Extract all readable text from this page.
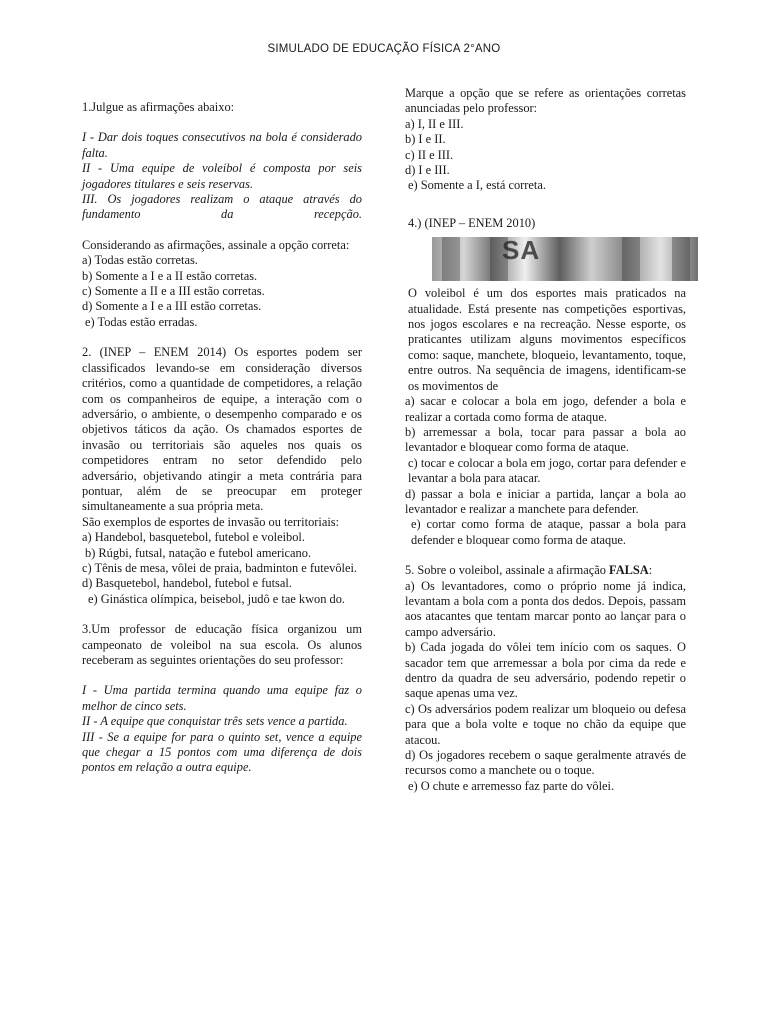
SIMULADO DE EDUCAÇÃO FÍSICA 2°ANO

1.Julgue as afirmações abaixo:

I - Dar dois toques consecutivos na bola é considerado falta.

II - Uma equipe de voleibol é composta por seis jogadores titulares e seis reservas.

III. Os jogadores realizam o ataque através do fundamento da recepção.

Considerando as afirmações, assinale a opção correta:

a) Todas estão corretas.

b) Somente a I e a II estão corretas.

c) Somente a II e a III estão corretas.

d) Somente a I e a III estão corretas.

e) Todas estão erradas.

2. (INEP – ENEM 2014) Os esportes podem ser classificados levando-se em consideração diversos critérios, como a quantidade de competidores, a relação com os companheiros de equipe, a interação com o adversário, o ambiente, o desempenho comparado e os objetivos táticos da ação. Os chamados esportes de invasão ou territoriais são aqueles nos quais os competidores entram no setor defendido pelo adversário, objetivando atingir a meta contrária para pontuar, além de se preocupar em proteger simultaneamente a sua própria meta.

São exemplos de esportes de invasão ou territoriais:

a) Handebol, basquetebol, futebol e voleibol.

b) Rúgbi, futsal, natação e futebol americano.

c) Tênis de mesa, vôlei de praia, badminton e futevôlei.

d) Basquetebol, handebol, futebol e futsal.

e) Ginástica olímpica, beisebol, judô e tae kwon do.

3.Um professor de educação física organizou um campeonato de voleibol na sua escola. Os alunos receberam as seguintes orientações do seu professor:

I - Uma partida termina quando uma equipe faz o melhor de cinco sets.

II - A equipe que conquistar três sets vence a partida.

III - Se a equipe for para o quinto set, vence a equipe que chegar a 15 pontos com uma diferença de dois pontos em relação a outra equipe.

Marque a opção que se refere as orientações corretas anunciadas pelo professor:

a) I, II e III.

b) I e II.

c) II e III.

d) I e III.

e) Somente a I, está correta.

4.) (INEP – ENEM 2010)

SA

O voleibol é um dos esportes mais praticados na atualidade. Está presente nas competições esportivas, nos jogos escolares e na recreação. Nesse esporte, os praticantes utilizam alguns movimentos específicos como: saque, manchete, bloqueio, levantamento, toque, entre outros. Na sequência de imagens, identificam-se os movimentos de

a) sacar e colocar a bola em jogo, defender a bola e realizar a cortada como forma de ataque.

b) arremessar a bola, tocar para passar a bola ao levantador e bloquear como forma de ataque.

c) tocar e colocar a bola em jogo, cortar para defender e levantar a bola para atacar.

d) passar a bola e iniciar a partida, lançar a bola ao levantador e realizar a manchete para defender.

e) cortar como forma de ataque, passar a bola para defender e bloquear como forma de ataque.

5. Sobre o voleibol, assinale a afirmação FALSA:

a) Os levantadores, como o próprio nome já indica, levantam a bola com a ponta dos dedos. Depois, passam aos atacantes que tentam marcar ponto ao lançar para o campo adversário.

b) Cada jogada do vôlei tem início com os saques. O sacador tem que arremessar a bola por cima da rede e dentro da quadra de seu adversário, podendo repetir o saque apenas uma vez.

c) Os adversários podem realizar um bloqueio ou defesa para que a bola volte e toque no chão da equipe que atacou.

d) Os jogadores recebem o saque geralmente através de recursos como a manchete ou o toque.

e) O chute e arremesso faz parte do vôlei.
